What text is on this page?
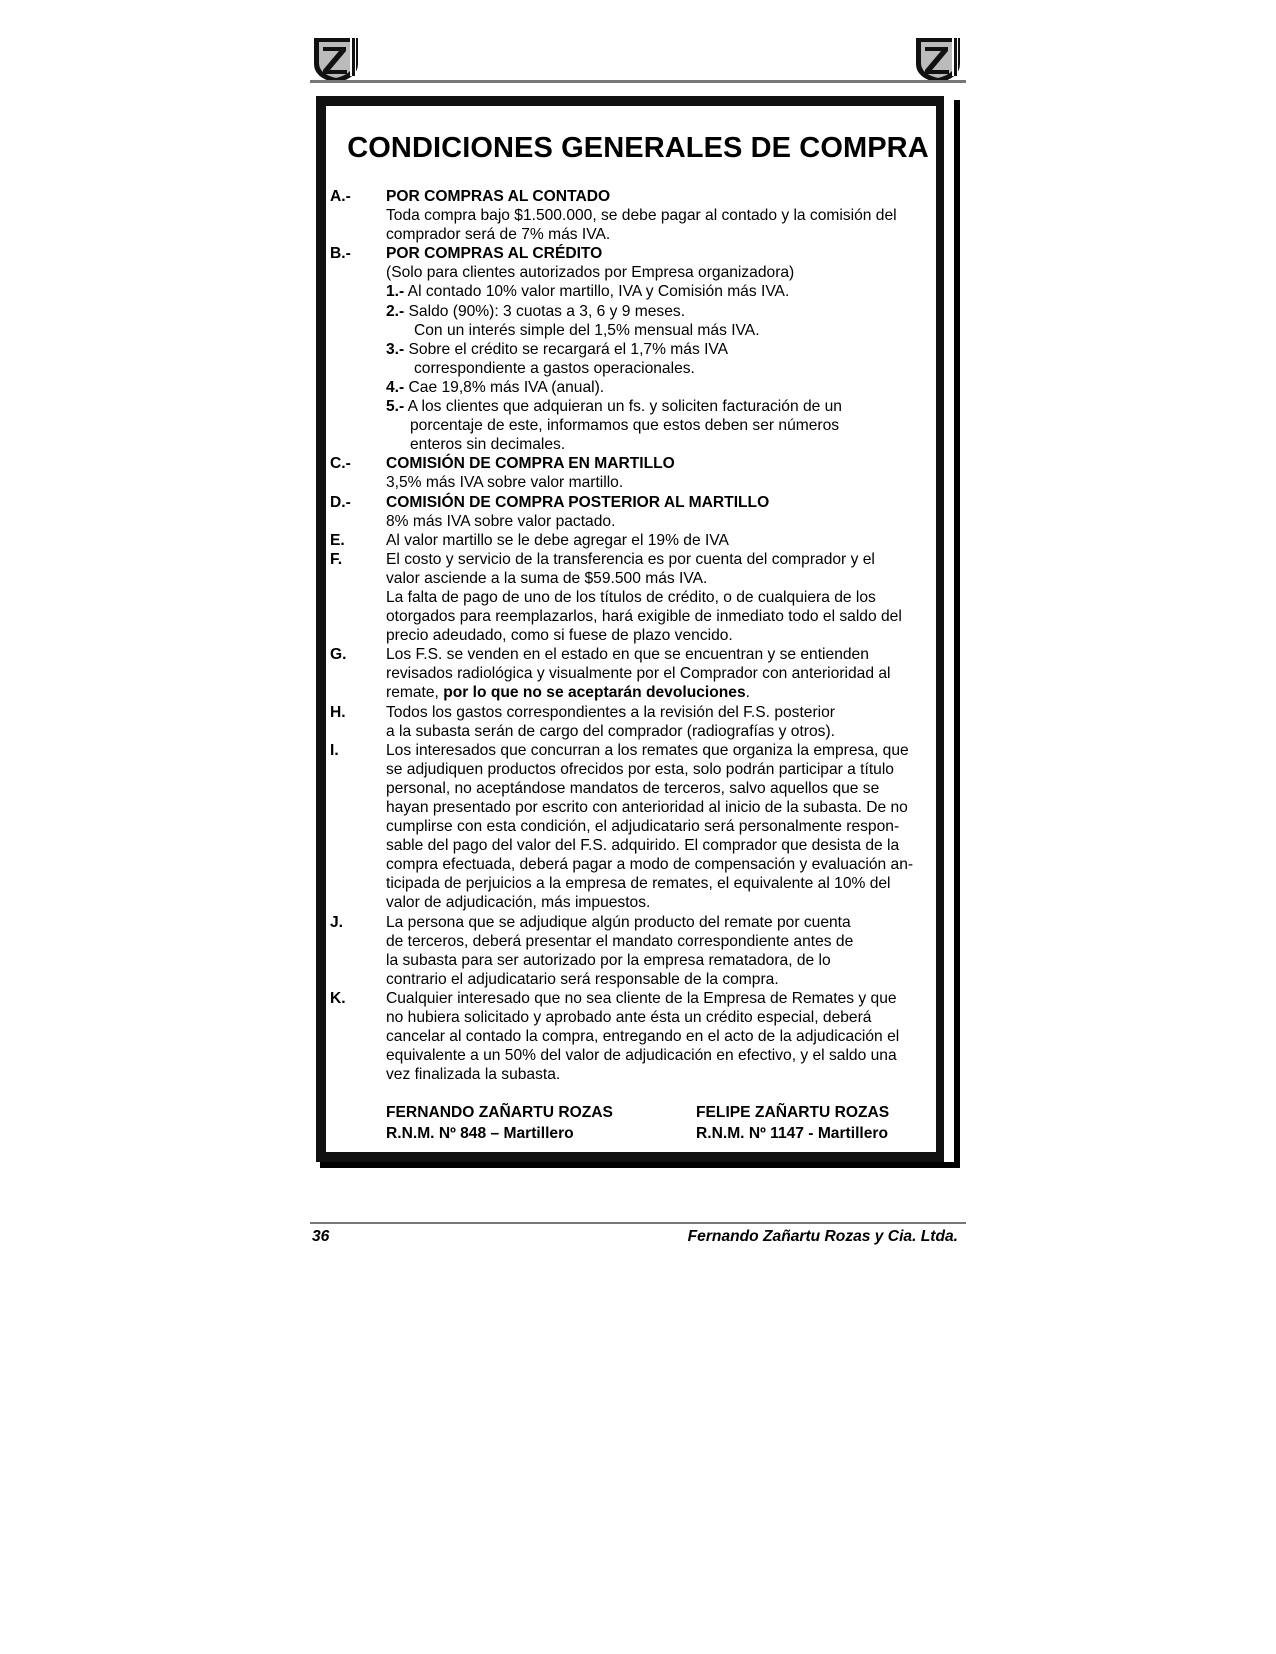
CONDICIONES GENERALES DE COMPRA
A.- POR COMPRAS AL CONTADO
Toda compra bajo $1.500.000, se debe pagar al contado y la comisión del
comprador será de 7% más IVA.
B.- POR COMPRAS AL CRÉDITO
(Solo para clientes autorizados por Empresa organizadora)
1.- Al contado 10% valor martillo, IVA y Comisión más IVA.
2.- Saldo (90%): 3 cuotas a 3, 6 y 9 meses.
Con un interés simple del 1,5% mensual más IVA.
3.- Sobre el crédito se recargará el 1,7% más IVA
correspondiente a gastos operacionales.
4.- Cae 19,8% más IVA (anual).
5.- A los clientes que adquieran un fs. y soliciten facturación de un
porcentaje de este, informamos que estos deben ser números
enteros sin decimales.
C.- COMISIÓN DE COMPRA EN MARTILLO
3,5% más IVA sobre valor martillo.
D.- COMISIÓN DE COMPRA POSTERIOR AL MARTILLO
8% más IVA sobre valor pactado.
E.	Al valor martillo se le debe agregar el 19% de IVA
F.	El costo y servicio de la transferencia es por cuenta del comprador y el
valor asciende a la suma de $59.500 más IVA.
La falta de pago de uno de los títulos de crédito, o de cualquiera de los
otorgados para reemplazarlos, hará exigible de inmediato todo el saldo del
precio adeudado, como si fuese de plazo vencido.
G.	Los F.S. se venden en el estado en que se encuentran y se entienden
revisados radiológica y visualmente por el Comprador con anterioridad al
remate, por lo que no se aceptarán devoluciones.
H.	Todos los gastos correspondientes a la revisión del F.S. posterior
a la subasta serán de cargo del comprador (radiografías y otros).
I.	Los interesados que concurran a los remates que organiza la empresa, que
se adjudiquen productos ofrecidos por esta, solo podrán participar a título
personal, no aceptándose mandatos de terceros, salvo aquellos que se
hayan presentado por escrito con anterioridad al inicio de la subasta. De no
cumplirse con esta condición, el adjudicatario será personalmente respon-
sable del pago del valor del F.S. adquirido. El comprador que desista de la
compra efectuada, deberá pagar a modo de compensación y evaluación an-
ticipada de perjuicios a la empresa de remates, el equivalente al 10% del
valor de adjudicación, más impuestos.
J.	La persona que se adjudique algún producto del remate por cuenta
de terceros, deberá presentar el mandato correspondiente antes de
la subasta para ser autorizado por la empresa rematadora, de lo
contrario el adjudicatario será responsable de la compra.
K.	Cualquier interesado que no sea cliente de la Empresa de Remates y que
no hubiera solicitado y aprobado ante ésta un crédito especial, deberá
cancelar al contado la compra, entregando en el acto de la adjudicación el
equivalente a un 50% del valor de adjudicación en efectivo, y el saldo una
vez finalizada la subasta.
FERNANDO ZAÑARTU ROZAS	FELIPE ZAÑARTU ROZAS
R.N.M. Nº 848 – Martillero	R.N.M. Nº 1147 - Martillero
36	Fernando Zañartu Rozas y Cia. Ltda.
